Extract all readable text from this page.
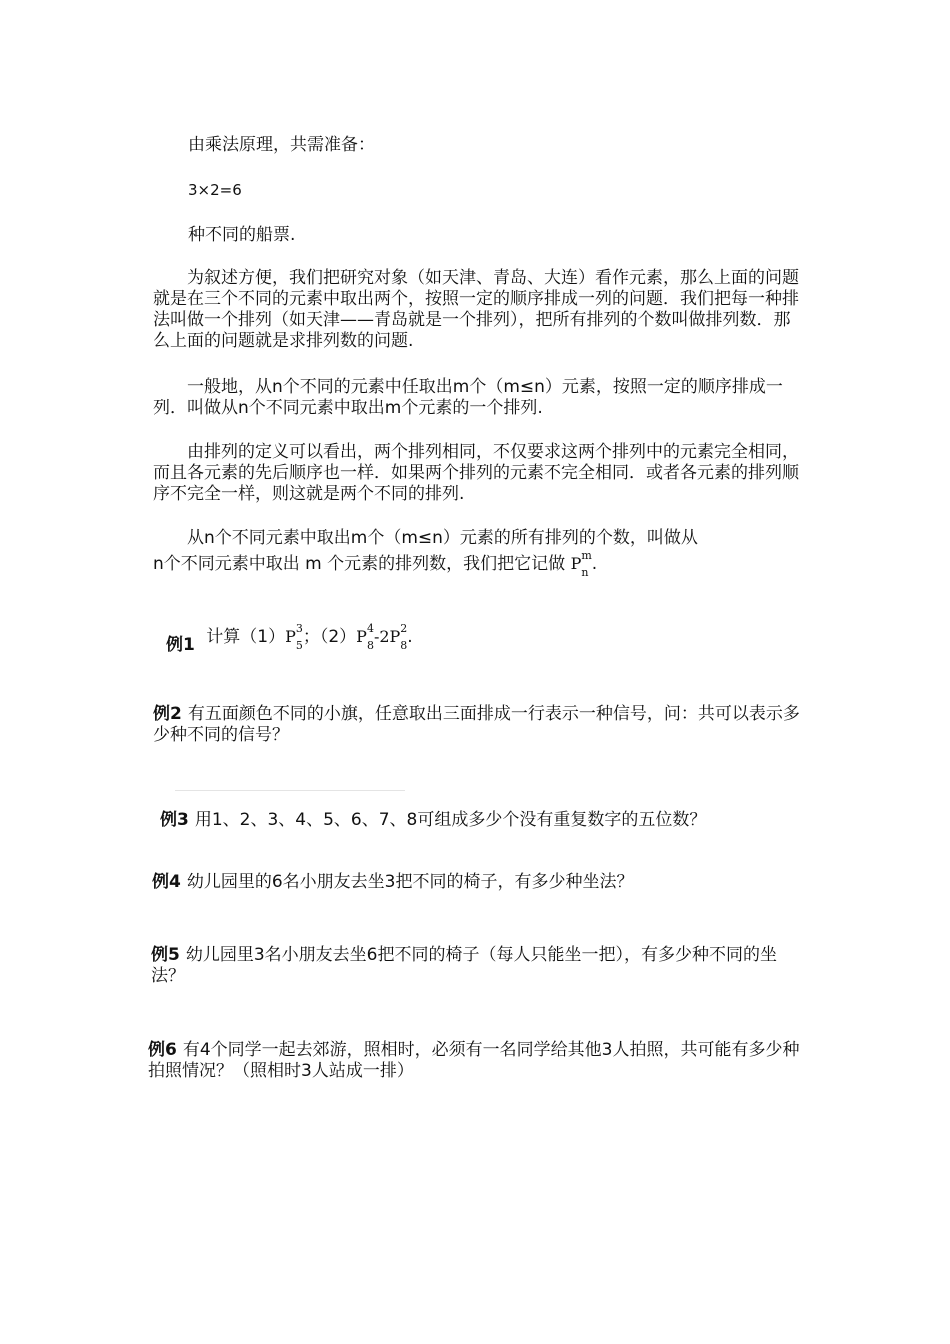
由乘法原理，共需准备：

3×2=6

种不同的船票.

为叙述方便，我们把研究对象（如天津、青岛、大连）看作元素，那么上面的问题就是在三个不同的元素中取出两个，按照一定的顺序排成一列的问题．我们把每一种排法叫做一个排列（如天津——青岛就是一个排列），把所有排列的个数叫做排列数．那么上面的问题就是求排列数的问题.

一般地，从n个不同的元素中任取出m个（m≤n）元素，按照一定的顺序排成一列．叫做从n个不同元素中取出m个元素的一个排列.

由排列的定义可以看出，两个排列相同，不仅要求这两个排列中的元素完全相同，而且各元素的先后顺序也一样．如果两个排列的元素不完全相同．或者各元素的排列顺序不完全一样，则这就是两个不同的排列.

从n个不同元素中取出m个（m≤n）元素的所有排列的个数，叫做从
n个不同元素中取出 m 个元素的排列数，我们把它记做 P m
n .
例1 计算（1）P 3
5 ；（2）P 4
8 -2P 2
8 .

例2 有五面颜色不同的小旗，任意取出三面排成一行表示一种信号，问：共可以表示多少种不同的信号？

例3 用1、2、3、4、5、6、7、8可组成多少个没有重复数字的五位数？

例4 幼儿园里的6名小朋友去坐3把不同的椅子，有多少种坐法？

例5 幼儿园里3名小朋友去坐6把不同的椅子（每人只能坐一把），有多少种不同的坐法？

例6 有4个同学一起去郊游，照相时，必须有一名同学给其他3人拍照，共可能有多少种拍照情况？（照相时3人站成一排）
